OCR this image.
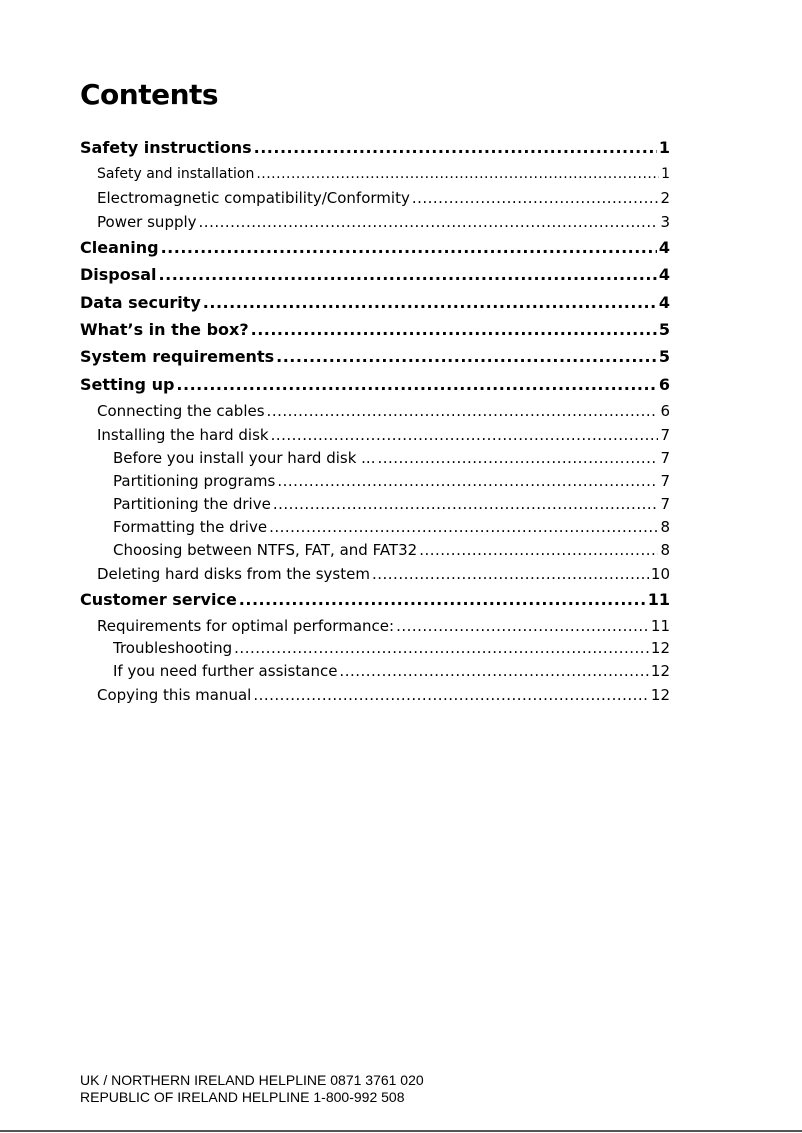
Contents
Safety instructions .....	1
Safety and installation .....	1
Electromagnetic compatibility/Conformity .....	2
Power supply .....	3
Cleaning .....	4
Disposal .....	4
Data security .....	4
What’s in the box? .....	5
System requirements .....	5
Setting up .....	6
Connecting the cables .....	6
Installing the hard disk .....	7
Before you install your hard disk ... .....	7
Partitioning programs .....	7
Partitioning the drive .....	7
Formatting the drive .....	8
Choosing between NTFS, FAT, and FAT32 .....	8
Deleting hard disks from the system .....	10
Customer service .....	11
Requirements for optimal performance: .....	11
Troubleshooting .....	12
If you need further assistance .....	12
Copying this manual .....	12
UK / NORTHERN IRELAND HELPLINE 0871 3761 020
REPUBLIC OF IRELAND HELPLINE 1-800-992 508
